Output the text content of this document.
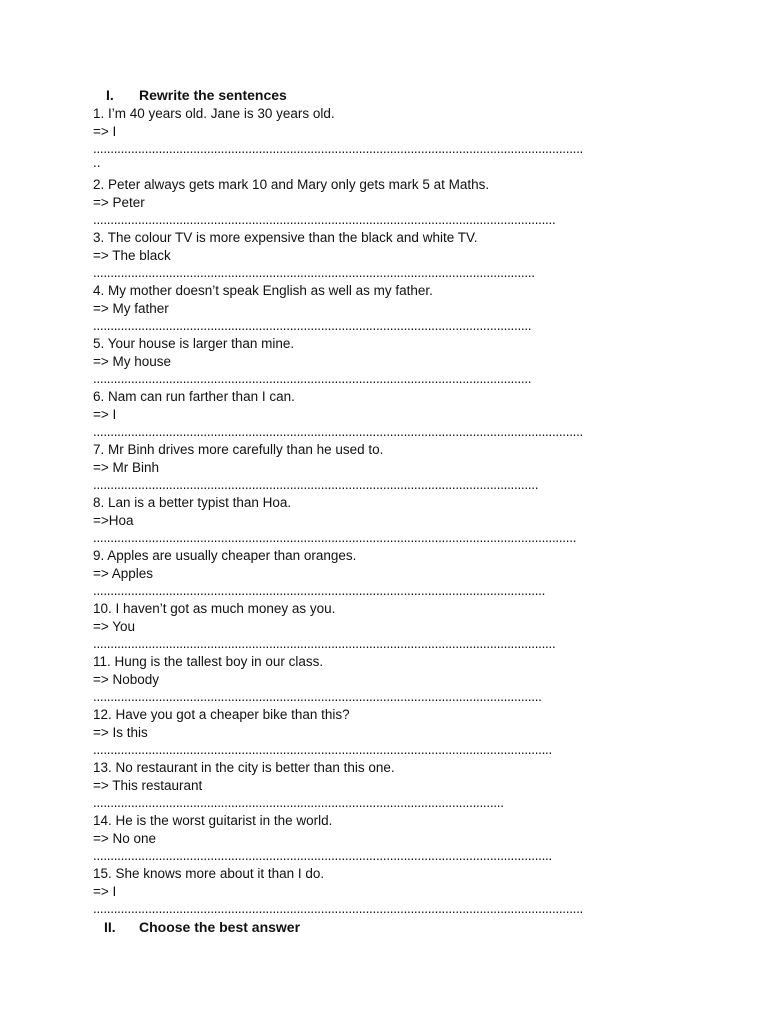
I. Rewrite the sentences
1. I’m 40 years old. Jane is 30 years old.
=> I
..............................................................................................................................................
..
2. Peter always gets mark 10 and Mary only gets mark 5 at Maths.
=> Peter
......................................................................................................................................
3. The colour TV is more expensive than the black and white TV.
=> The black
................................................................................................................................
4. My mother doesn’t speak English as well as my father.
=> My father
...............................................................................................................................
5. Your house is larger than mine.
=> My house
...............................................................................................................................
6. Nam can run farther than I can.
=> I
..............................................................................................................................................
7. Mr Binh drives more carefully than he used to.
=> Mr Binh
.................................................................................................................................
8. Lan is a better typist than Hoa.
=>Hoa
............................................................................................................................................
9. Apples are usually cheaper than oranges.
=> Apples
...................................................................................................................................
10. I haven’t got as much money as you.
=> You
......................................................................................................................................
11. Hung is the tallest boy in our class.
=> Nobody
..................................................................................................................................
12. Have you got a cheaper bike than this?
=> Is this
.....................................................................................................................................
13. No restaurant in the city is better than this one.
=> This restaurant
.......................................................................................................................
14. He is the worst guitarist in the world.
=> No one
.....................................................................................................................................
15. She knows more about it than I do.
=> I
..............................................................................................................................................
II. Choose the best answer
